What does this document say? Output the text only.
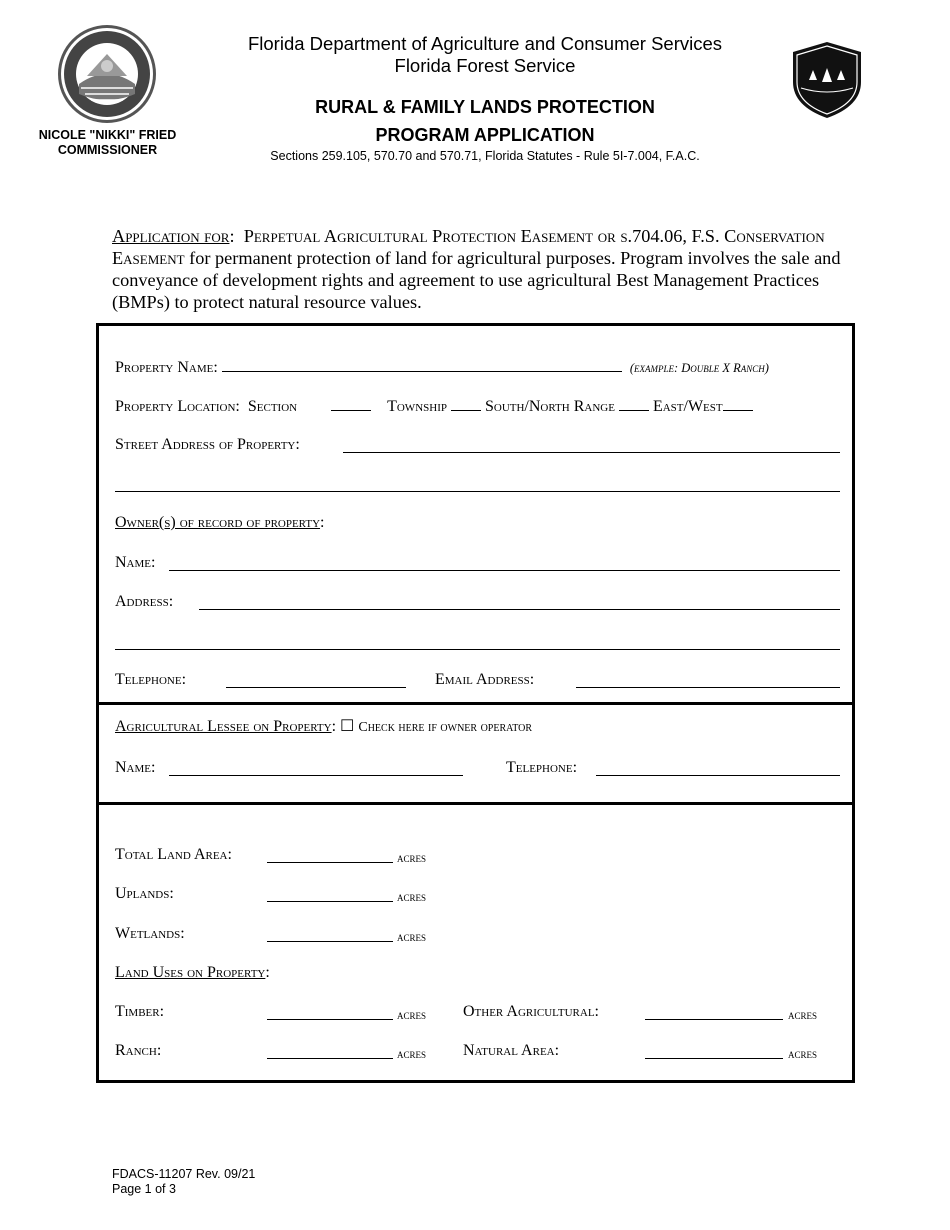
NICOLE "NIKKI" FRIED
COMMISSIONER
Florida Department of Agriculture and Consumer Services
Florida Forest Service
RURAL & FAMILY LANDS PROTECTION
PROGRAM APPLICATION
Sections 259.105, 570.70 and 570.71, Florida Statutes - Rule 5I-7.004, F.A.C.
Application for: Perpetual Agricultural Protection Easement or s.704.06, F.S. Conservation Easement for permanent protection of land for agricultural purposes. Program involves the sale and conveyance of development rights and agreement to use agricultural Best Management Practices (BMPs) to protect natural resource values.
Property Name:	(example: Double X Ranch)
Property Location: Section	Township South/North Range East/West
Street Address of Property:
Owner(s) of record of property:
Name:
Address:
Telephone:	Email Address:
Agricultural Lessee on Property: ☐ Check here if owner operator
Name:	Telephone:
Total Land Area:	acres
Uplands:	acres
Wetlands:	acres
Land Uses on Property:
Timber:	acres Other Agricultural:	acres
Ranch:	acres Natural Area:	acres
FDACS-11207 Rev. 09/21
Page 1 of 3
